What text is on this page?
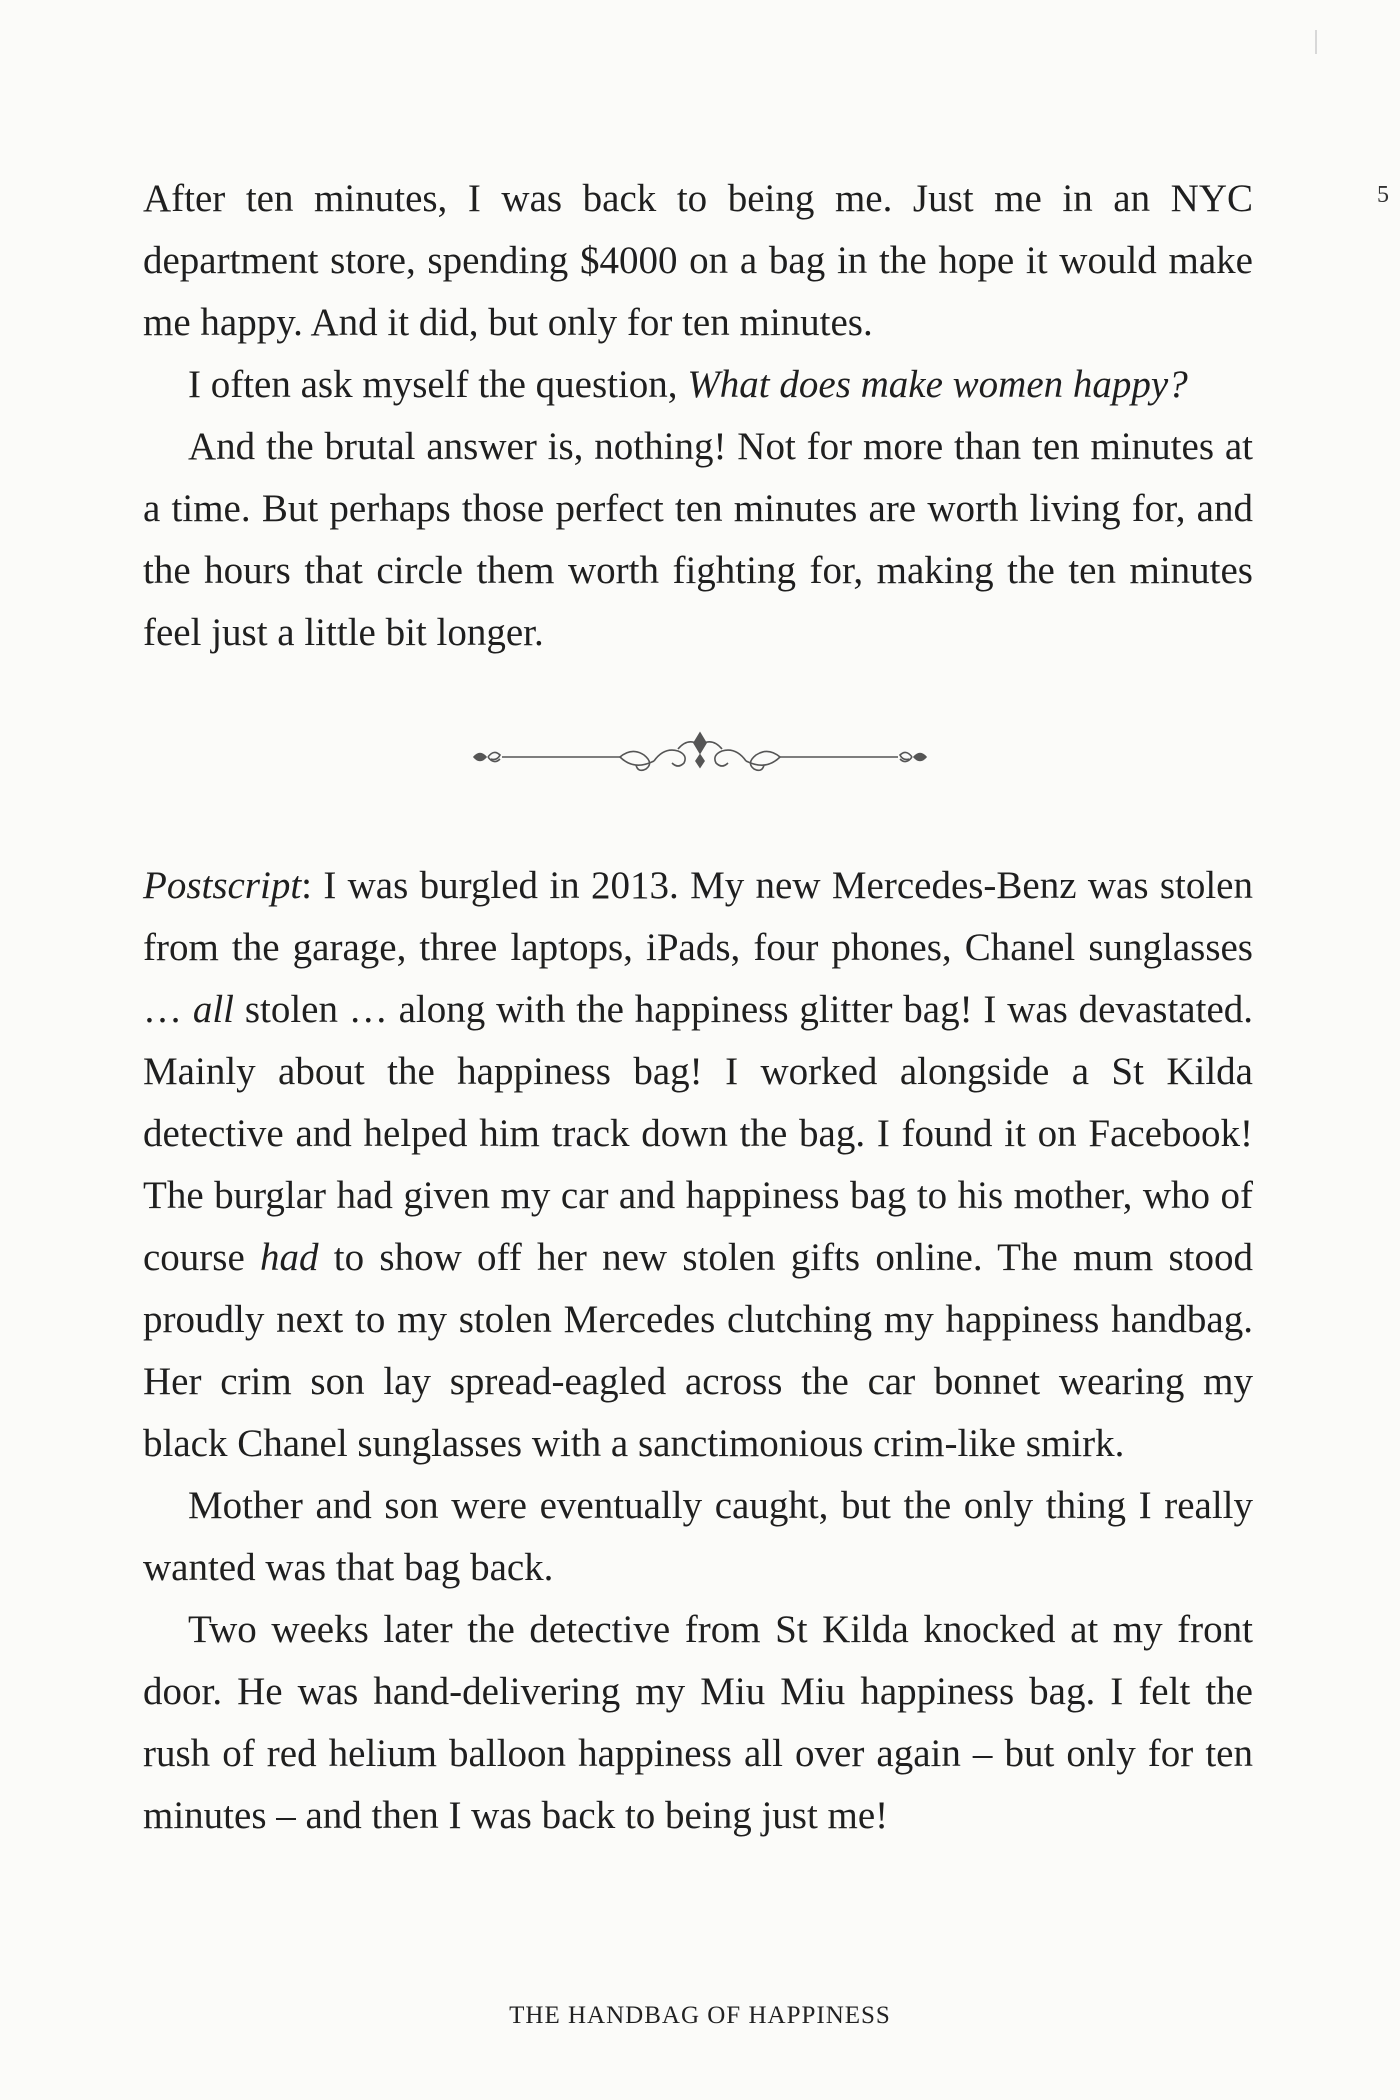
5

After ten minutes, I was back to being me. Just me in an NYC department store, spending $4000 on a bag in the hope it would make me happy. And it did, but only for ten minutes.

I often ask myself the question, What does make women happy?

And the brutal answer is, nothing! Not for more than ten minutes at a time. But perhaps those perfect ten minutes are worth living for, and the hours that circle them worth fighting for, making the ten minutes feel just a little bit longer.

Postscript: I was burgled in 2013. My new Mercedes-Benz was stolen from the garage, three laptops, iPads, four phones, Chanel sunglasses … all stolen … along with the happiness glitter bag! I was devastated. Mainly about the happiness bag! I worked alongside a St Kilda detective and helped him track down the bag. I found it on Facebook! The burglar had given my car and happiness bag to his mother, who of course had to show off her new stolen gifts online. The mum stood proudly next to my stolen Mercedes clutching my happiness handbag. Her crim son lay spread-eagled across the car bonnet wearing my black Chanel sunglasses with a sanctimonious crim-like smirk.

Mother and son were eventually caught, but the only thing I really wanted was that bag back.

Two weeks later the detective from St Kilda knocked at my front door. He was hand-delivering my Miu Miu happiness bag. I felt the rush of red helium balloon happiness all over again – but only for ten minutes – and then I was back to being just me!

THE HANDBAG OF HAPPINESS
